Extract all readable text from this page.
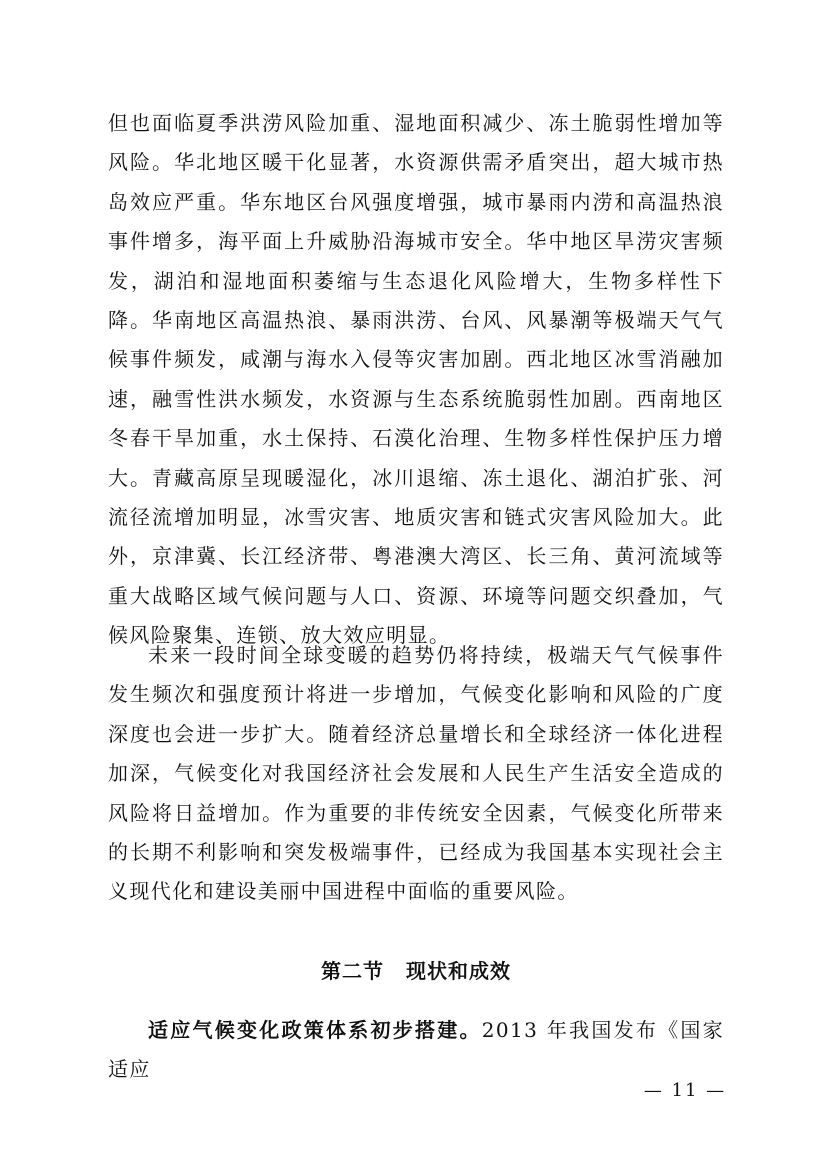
但也面临夏季洪涝风险加重、湿地面积减少、冻土脆弱性增加等风险。华北地区暖干化显著，水资源供需矛盾突出，超大城市热岛效应严重。华东地区台风强度增强，城市暴雨内涝和高温热浪事件增多，海平面上升威胁沿海城市安全。华中地区旱涝灾害频发，湖泊和湿地面积萎缩与生态退化风险增大，生物多样性下降。华南地区高温热浪、暴雨洪涝、台风、风暴潮等极端天气气候事件频发，咸潮与海水入侵等灾害加剧。西北地区冰雪消融加速，融雪性洪水频发，水资源与生态系统脆弱性加剧。西南地区冬春干旱加重，水土保持、石漠化治理、生物多样性保护压力增大。青藏高原呈现暖湿化，冰川退缩、冻土退化、湖泊扩张、河流径流增加明显，冰雪灾害、地质灾害和链式灾害风险加大。此外，京津冀、长江经济带、粤港澳大湾区、长三角、黄河流域等重大战略区域气候问题与人口、资源、环境等问题交织叠加，气候风险聚集、连锁、放大效应明显。

未来一段时间全球变暖的趋势仍将持续，极端天气气候事件发生频次和强度预计将进一步增加，气候变化影响和风险的广度深度也会进一步扩大。随着经济总量增长和全球经济一体化进程加深，气候变化对我国经济社会发展和人民生产生活安全造成的风险将日益增加。作为重要的非传统安全因素，气候变化所带来的长期不利影响和突发极端事件，已经成为我国基本实现社会主义现代化和建设美丽中国进程中面临的重要风险。

第二节 现状和成效

适应气候变化政策体系初步搭建。2013 年我国发布《国家适应

— 11 —
